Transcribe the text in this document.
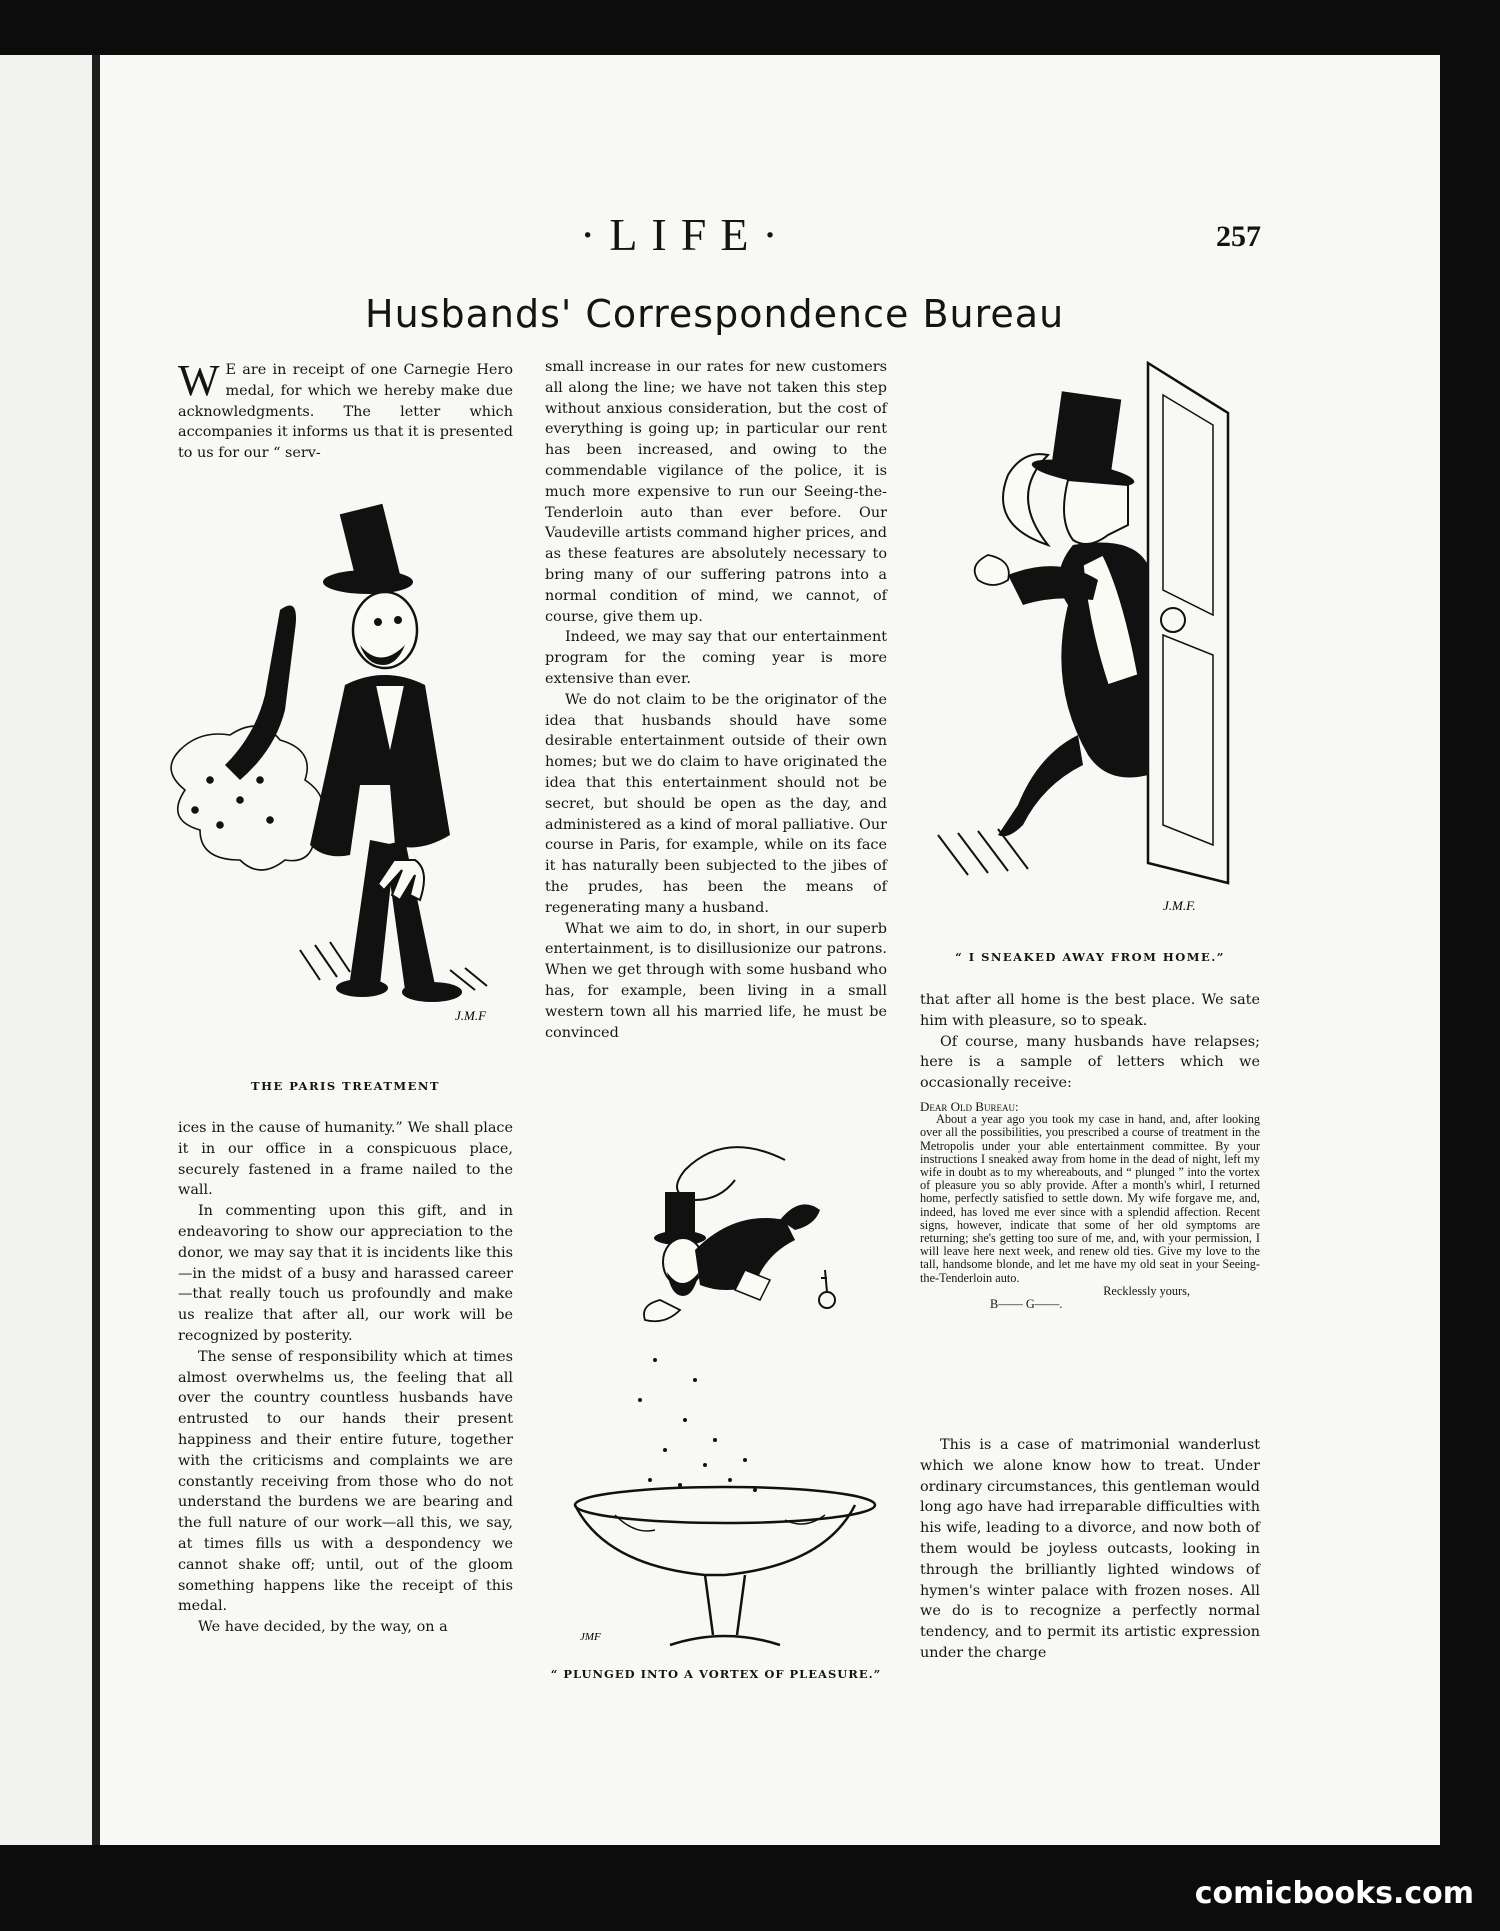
·LIFE·	257
Husbands' Correspondence Bureau

W E are in receipt of one Carnegie Hero medal, for which we hereby make due acknowledgments. The letter which accompanies it informs us that it is presented to us for our “ serv-

J.M.F
THE PARIS TREATMENT

ices in the cause of humanity.” We shall place it in our office in a conspicuous place, securely fastened in a frame nailed to the wall.

In commenting upon this gift, and in endeavoring to show our appreciation to the donor, we may say that it is incidents like this—in the midst of a busy and harassed career—that really touch us profoundly and make us realize that after all, our work will be recognized by posterity.

The sense of responsibility which at times almost overwhelms us, the feeling that all over the country countless husbands have entrusted to our hands their present happiness and their entire future, together with the criticisms and complaints we are constantly receiving from those who do not understand the burdens we are bearing and the full nature of our work—all this, we say, at times fills us with a despondency we cannot shake off; until, out of the gloom something happens like the receipt of this medal.

We have decided, by the way, on a

small increase in our rates for new customers all along the line; we have not taken this step without anxious consideration, but the cost of everything is going up; in particular our rent has been increased, and owing to the commendable vigilance of the police, it is much more expensive to run our Seeing-the-Tenderloin auto than ever before. Our Vaudeville artists command higher prices, and as these features are absolutely necessary to bring many of our suffering patrons into a normal condition of mind, we cannot, of course, give them up.

Indeed, we may say that our entertainment program for the coming year is more extensive than ever.

We do not claim to be the originator of the idea that husbands should have some desirable entertainment outside of their own homes; but we do claim to have originated the idea that this entertainment should not be secret, but should be open as the day, and administered as a kind of moral palliative. Our course in Paris, for example, while on its face it has naturally been subjected to the jibes of the prudes, has been the means of regenerating many a husband.

What we aim to do, in short, in our superb entertainment, is to disillusionize our patrons. When we get through with some husband who has, for example, been living in a small western town all his married life, he must be convinced

JMF
“ PLUNGED INTO A VORTEX OF PLEASURE.”
J.M.F.
“ I SNEAKED AWAY FROM HOME.”

that after all home is the best place. We sate him with pleasure, so to speak.

Of course, many husbands have relapses; here is a sample of letters which we occasionally receive:

Dear Old Bureau:

About a year ago you took my case in hand, and, after looking over all the possibilities, you prescribed a course of treatment in the Metropolis under your able entertainment committee. By your instructions I sneaked away from home in the dead of night, left my wife in doubt as to my whereabouts, and “ plunged ” into the vortex of pleasure you so ably provide. After a month's whirl, I returned home, perfectly satisfied to settle down. My wife forgave me, and, indeed, has loved me ever since with a splendid affection. Recent signs, however, indicate that some of her old symptoms are returning; she's getting too sure of me, and, with your permission, I will leave here next week, and renew old ties. Give my love to the tall, handsome blonde, and let me have my old seat in your Seeing-the-Tenderloin auto.

Recklessly yours,

B—— G——.

This is a case of matrimonial wanderlust which we alone know how to treat. Under ordinary circumstances, this gentleman would long ago have had irreparable difficulties with his wife, leading to a divorce, and now both of them would be joyless outcasts, looking in through the brilliantly lighted windows of hymen's winter palace with frozen noses. All we do is to recognize a perfectly normal tendency, and to permit its artistic expression under the charge

comicbooks.com
